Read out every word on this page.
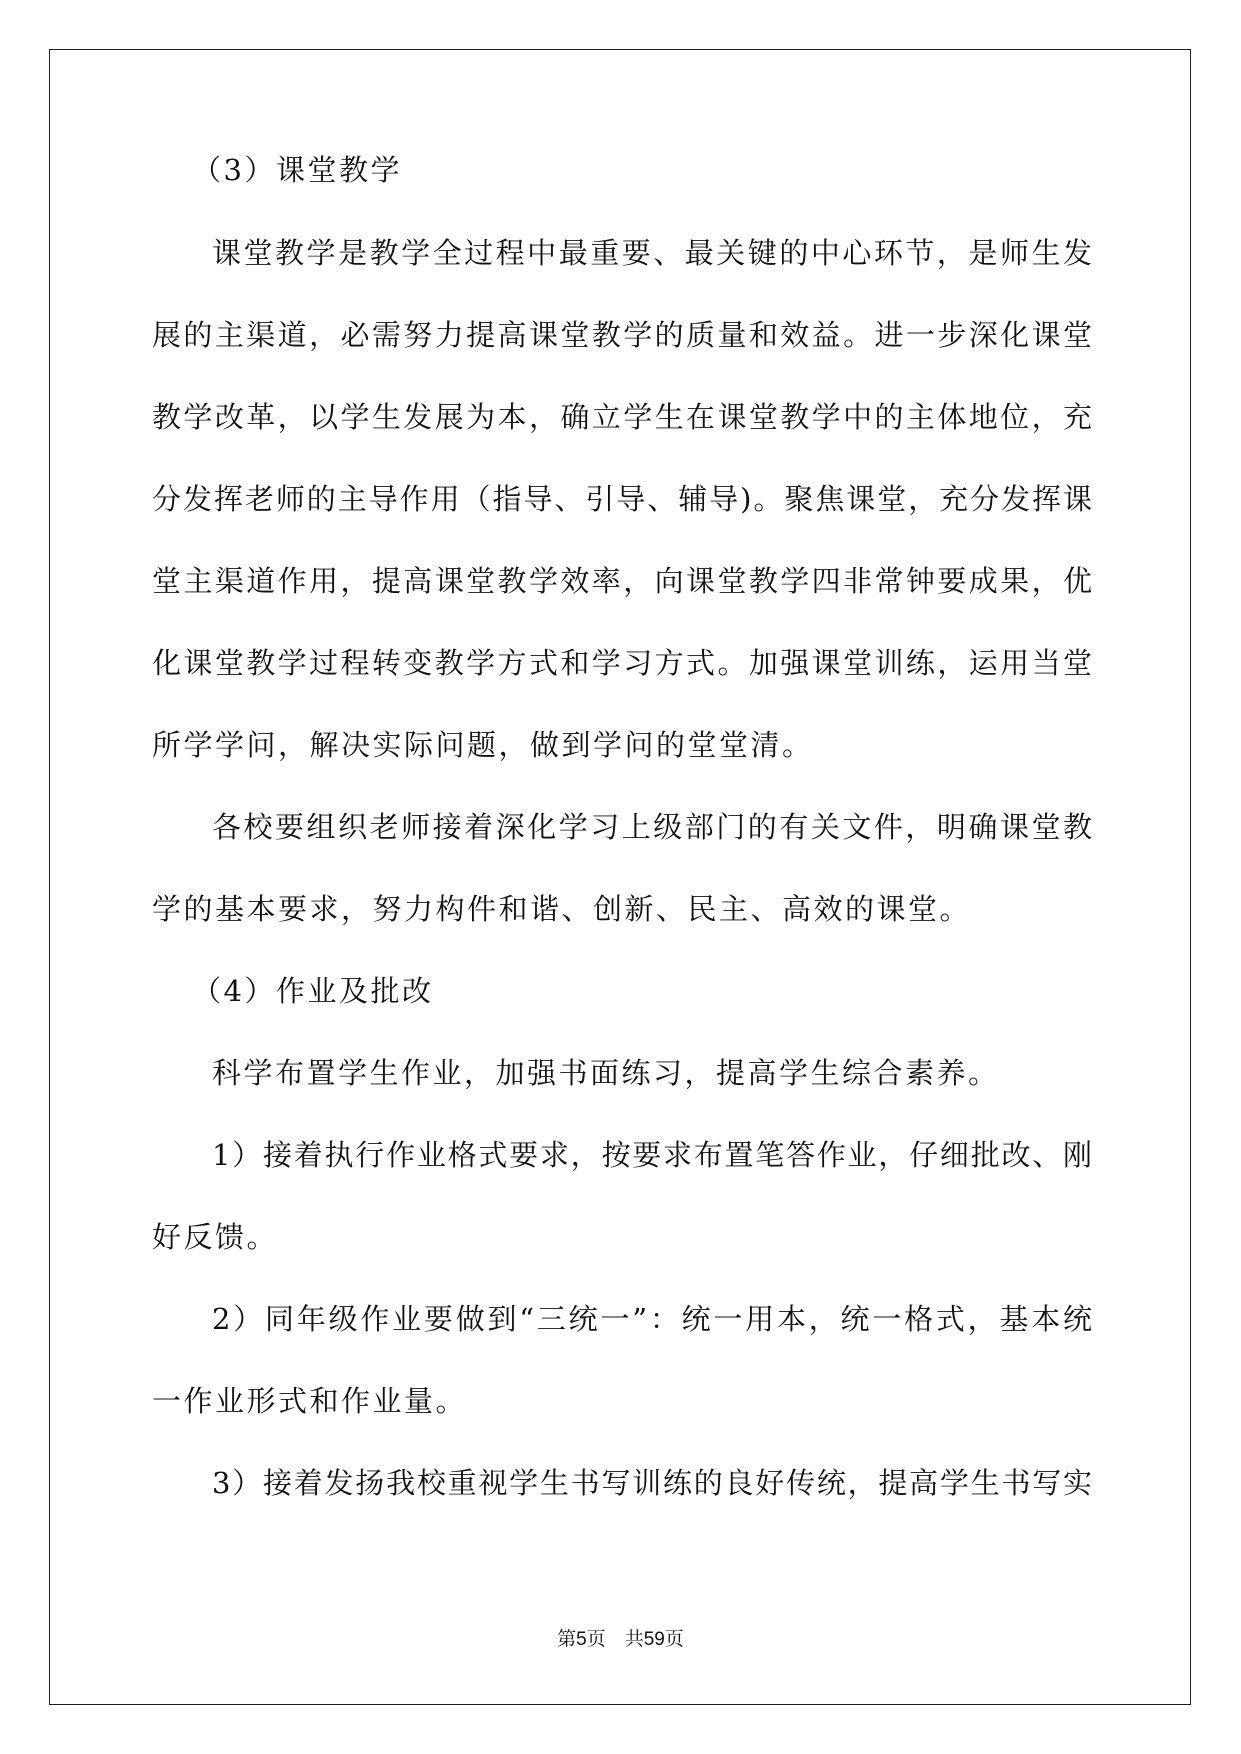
（3）课堂教学
课堂教学是教学全过程中最重要、最关键的中心环节，是师生发
展的主渠道，必需努力提高课堂教学的质量和效益。进一步深化课堂
教学改革，以学生发展为本，确立学生在课堂教学中的主体地位，充
分发挥老师的主导作用（指导、引导、辅导)。聚焦课堂，充分发挥课
堂主渠道作用，提高课堂教学效率，向课堂教学四非常钟要成果，优
化课堂教学过程转变教学方式和学习方式。加强课堂训练，运用当堂
所学学问，解决实际问题，做到学问的堂堂清。
各校要组织老师接着深化学习上级部门的有关文件，明确课堂教
学的基本要求，努力构件和谐、创新、民主、高效的课堂。
（4）作业及批改
科学布置学生作业，加强书面练习，提高学生综合素养。
1）接着执行作业格式要求，按要求布置笔答作业，仔细批改、刚
好反馈。
2）同年级作业要做到“三统一”：统一用本，统一格式，基本统
一作业形式和作业量。
3）接着发扬我校重视学生书写训练的良好传统，提高学生书写实
第5页　共59页
